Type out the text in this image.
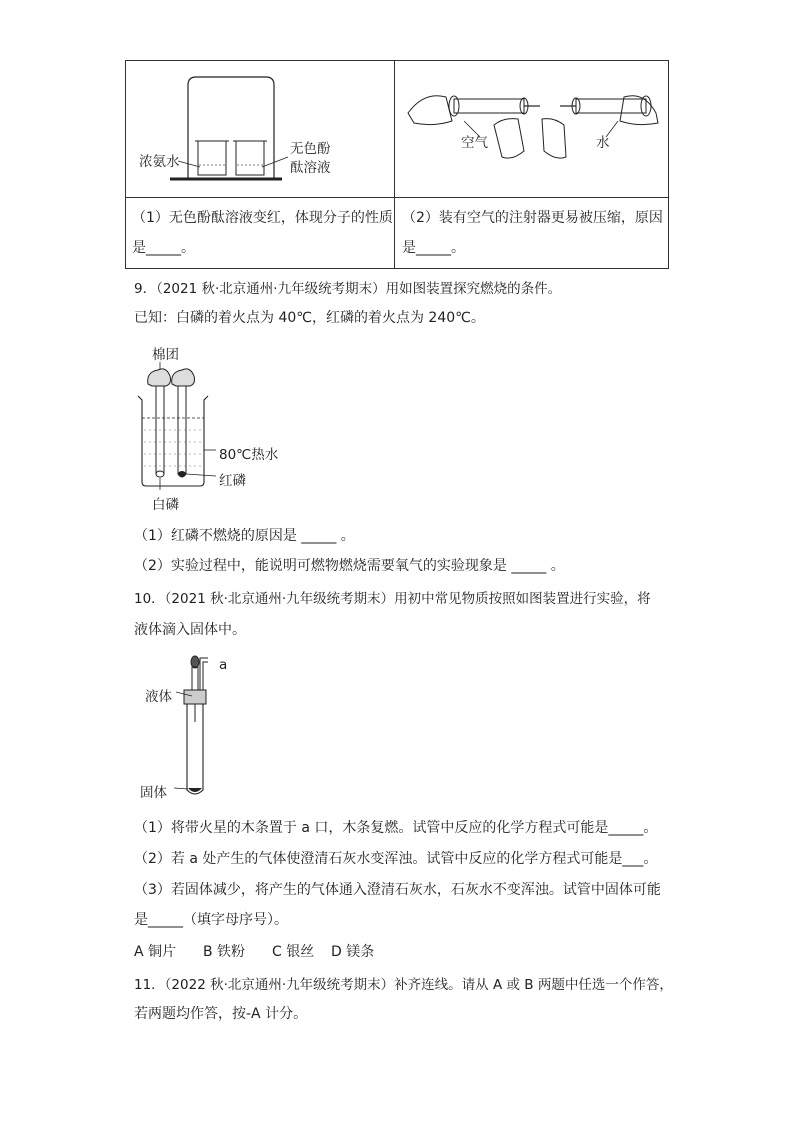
浓氨水
无色酚
酞溶液
空气	水
（1）无色酚酞溶液变红，体现分子的性质
是_____。
（2）装有空气的注射器更易被压缩，原因
是_____。
9．（2021 秋·北京通州·九年级统考期末）用如图装置探究燃烧的条件。
已知：白磷的着火点为 40℃，红磷的着火点为 240℃。
棉团
80℃热水
红磷
白磷
（1）红磷不燃烧的原因是 _____ 。
（2）实验过程中，能说明可燃物燃烧需要氧气的实验现象是 _____ 。
10．（2021 秋·北京通州·九年级统考期末）用初中常见物质按照如图装置进行实验，将
液体滴入固体中。
a
液体
固体
（1）将带火星的木条置于 a 口，木条复燃。试管中反应的化学方程式可能是_____。
（2）若 a 处产生的气体使澄清石灰水变浑浊。试管中反应的化学方程式可能是___。
（3）若固体减少，将产生的气体通入澄清石灰水，石灰水不变浑浊。试管中固体可能
是_____（填字母序号）。
A 铜片 B 铁粉 C 银丝 D 镁条
11．（2022 秋·北京通州·九年级统考期末）补齐连线。请从 A 或 B 两题中任选一个作答，
若两题均作答，按-A 计分。
